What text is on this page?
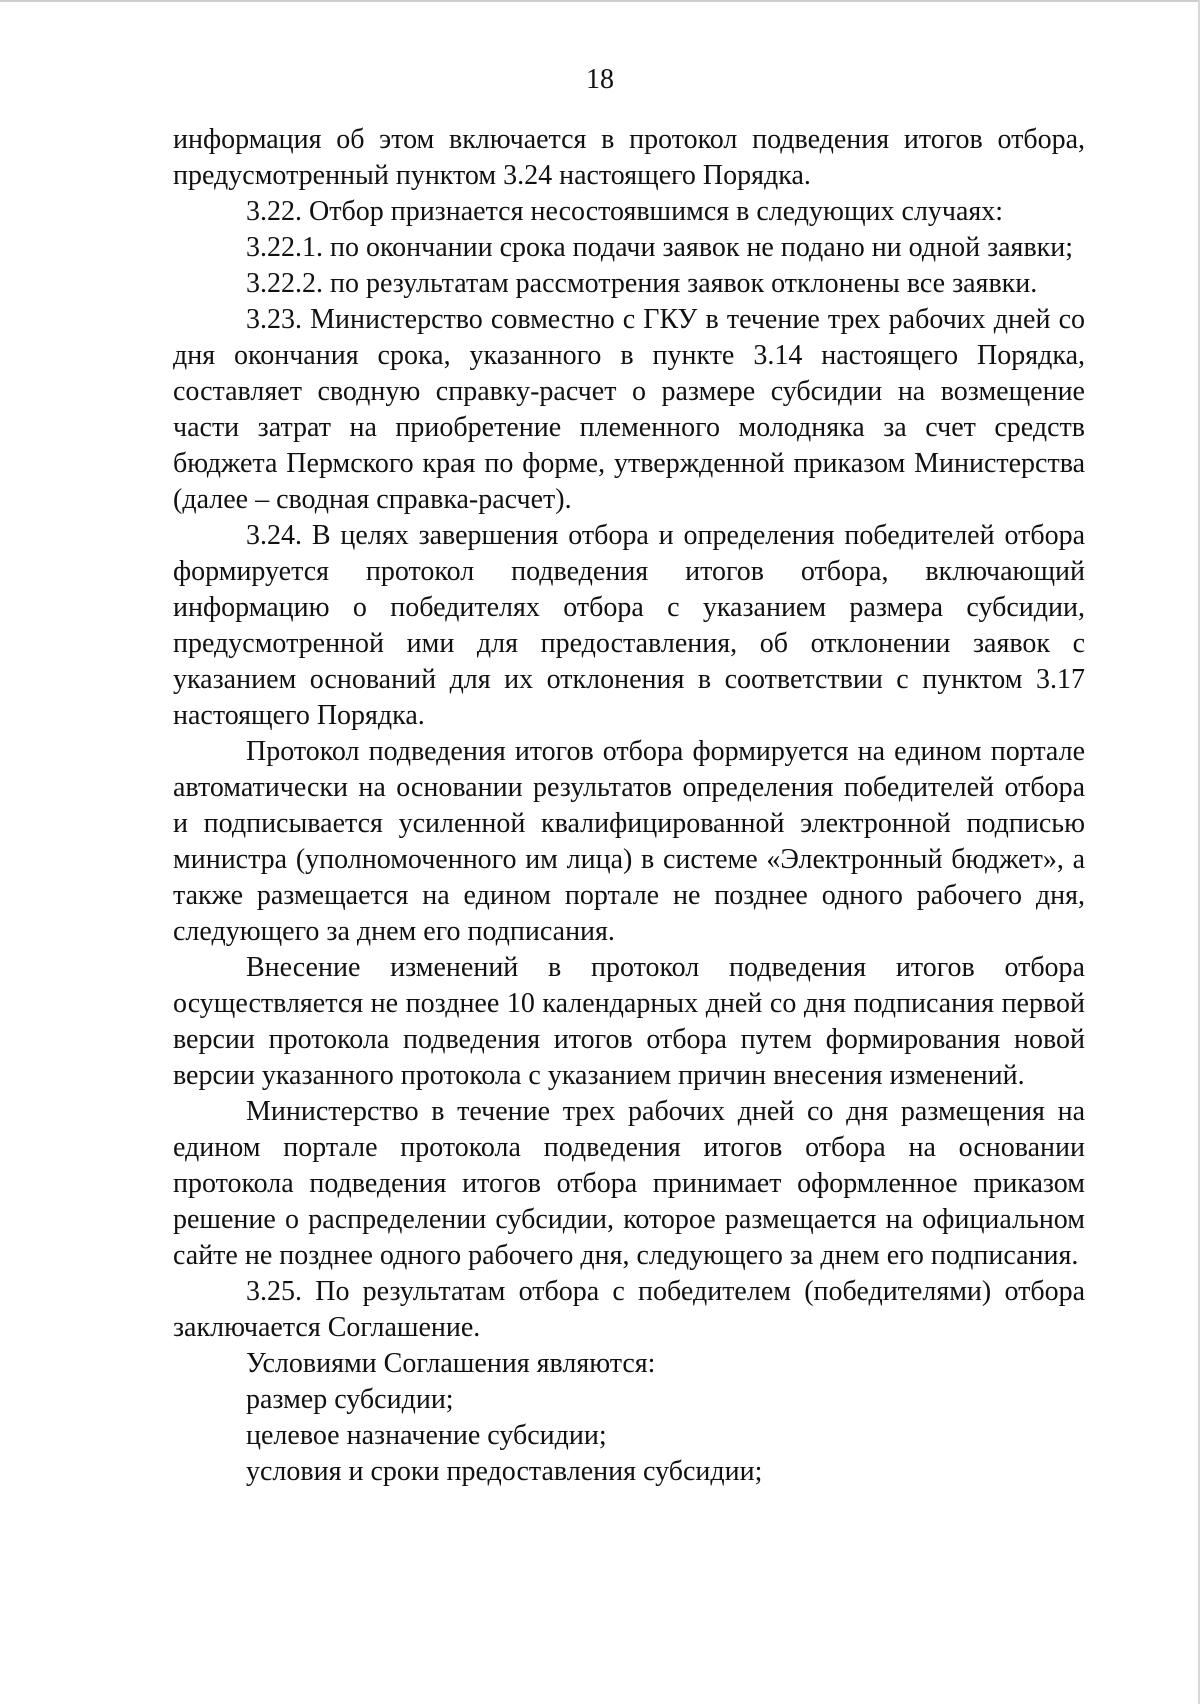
18

информация об этом включается в протокол подведения итогов отбора, предусмотренный пунктом 3.24 настоящего Порядка.

3.22. Отбор признается несостоявшимся в следующих случаях:

3.22.1. по окончании срока подачи заявок не подано ни одной заявки;

3.22.2. по результатам рассмотрения заявок отклонены все заявки.

3.23. Министерство совместно с ГКУ в течение трех рабочих дней со дня окончания срока, указанного в пункте 3.14 настоящего Порядка, составляет сводную справку-расчет о размере субсидии на возмещение части затрат на приобретение племенного молодняка за счет средств бюджета Пермского края по форме, утвержденной приказом Министерства (далее – сводная справка-расчет).

3.24. В целях завершения отбора и определения победителей отбора формируется протокол подведения итогов отбора, включающий информацию о победителях отбора с указанием размера субсидии, предусмотренной ими для предоставления, об отклонении заявок с указанием оснований для их отклонения в соответствии с пунктом 3.17 настоящего Порядка.

Протокол подведения итогов отбора формируется на едином портале автоматически на основании результатов определения победителей отбора и подписывается усиленной квалифицированной электронной подписью министра (уполномоченного им лица) в системе «Электронный бюджет», а также размещается на едином портале не позднее одного рабочего дня, следующего за днем его подписания.

Внесение изменений в протокол подведения итогов отбора осуществляется не позднее 10 календарных дней со дня подписания первой версии протокола подведения итогов отбора путем формирования новой версии указанного протокола с указанием причин внесения изменений.

Министерство в течение трех рабочих дней со дня размещения на едином портале протокола подведения итогов отбора на основании протокола подведения итогов отбора принимает оформленное приказом решение о распределении субсидии, которое размещается на официальном сайте не позднее одного рабочего дня, следующего за днем его подписания.

3.25. По результатам отбора с победителем (победителями) отбора заключается Соглашение.

Условиями Соглашения являются:

размер субсидии;

целевое назначение субсидии;

условия и сроки предоставления субсидии;
